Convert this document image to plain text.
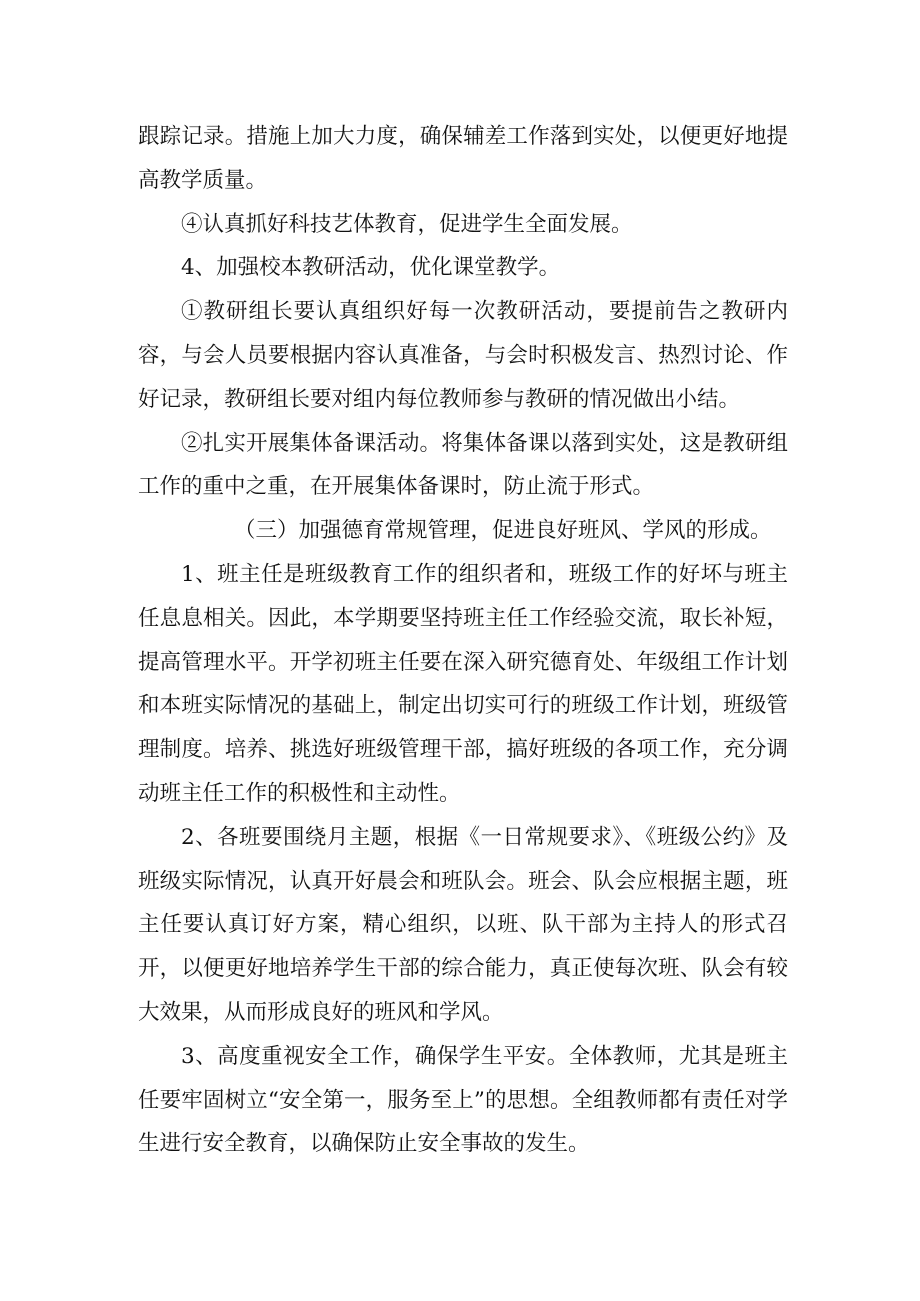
跟踪记录。措施上加大力度，确保辅差工作落到实处，以便更好地提高教学质量。

④认真抓好科技艺体教育，促进学生全面发展。

4、加强校本教研活动，优化课堂教学。

①教研组长要认真组织好每一次教研活动，要提前告之教研内容，与会人员要根据内容认真准备，与会时积极发言、热烈讨论、作好记录，教研组长要对组内每位教师参与教研的情况做出小结。

②扎实开展集体备课活动。将集体备课以落到实处，这是教研组工作的重中之重，在开展集体备课时，防止流于形式。

（三）加强德育常规管理，促进良好班风、学风的形成。

1、班主任是班级教育工作的组织者和，班级工作的好坏与班主任息息相关。因此，本学期要坚持班主任工作经验交流，取长补短，提高管理水平。开学初班主任要在深入研究德育处、年级组工作计划和本班实际情况的基础上，制定出切实可行的班级工作计划，班级管理制度。培养、挑选好班级管理干部，搞好班级的各项工作，充分调动班主任工作的积极性和主动性。

2、各班要围绕月主题，根据《一日常规要求》、《班级公约》及班级实际情况，认真开好晨会和班队会。班会、队会应根据主题，班主任要认真订好方案，精心组织，以班、队干部为主持人的形式召开，以便更好地培养学生干部的综合能力，真正使每次班、队会有较大效果，从而形成良好的班风和学风。

3、高度重视安全工作，确保学生平安。全体教师，尤其是班主任要牢固树立“安全第一，服务至上”的思想。全组教师都有责任对学生进行安全教育，以确保防止安全事故的发生。
